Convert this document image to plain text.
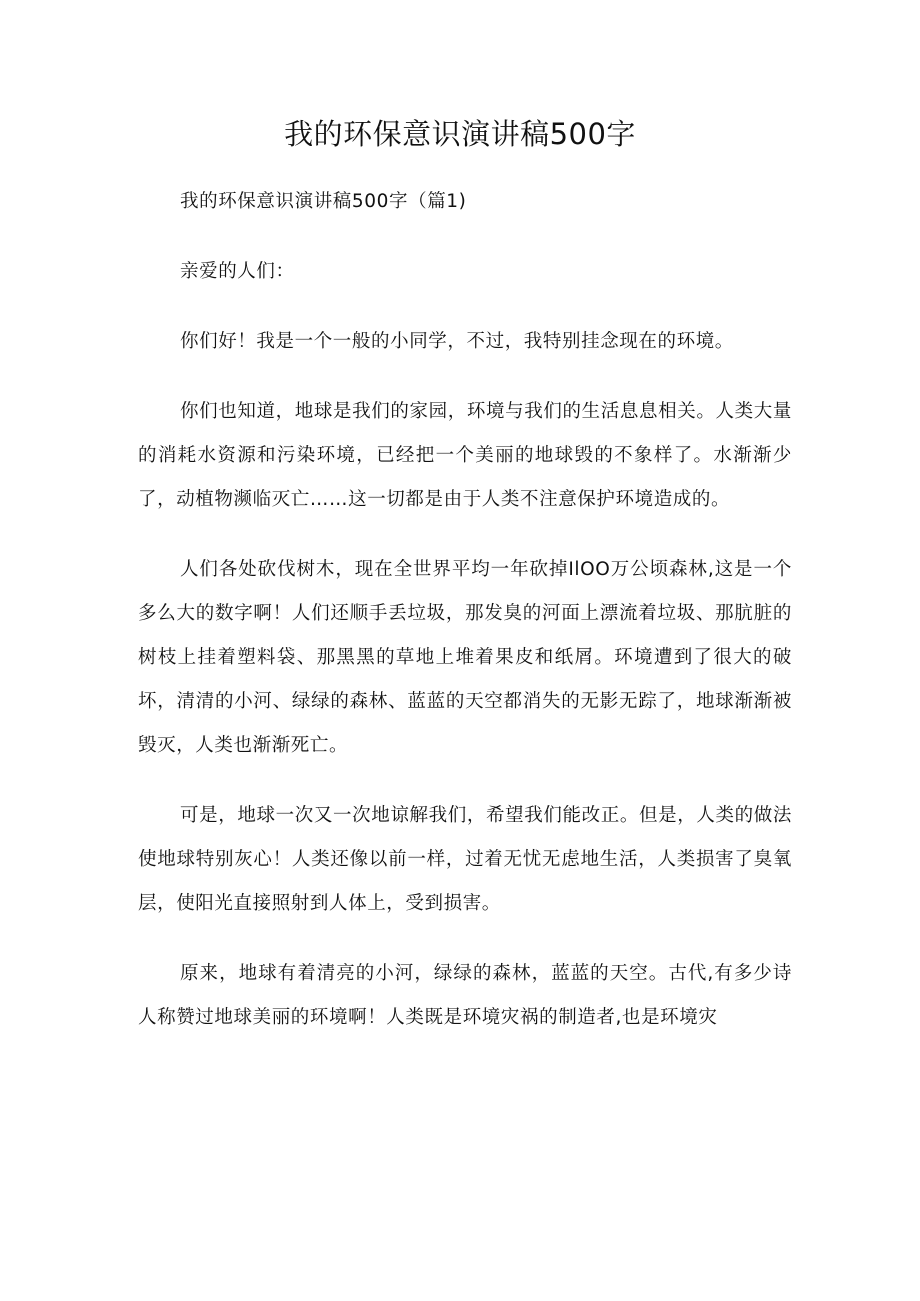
我的环保意识演讲稿500字

我的环保意识演讲稿500字（篇1)

亲爱的人们：

你们好！我是一个一般的小同学，不过，我特别挂念现在的环境。

你们也知道，地球是我们的家园，环境与我们的生活息息相关。人类大量的消耗水资源和污染环境，已经把一个美丽的地球毁的不象样了。水渐渐少了，动植物濒临灭亡……这一切都是由于人类不注意保护环境造成的。

人们各处砍伐树木，现在全世界平均一年砍掉IlOO万公顷森林,这是一个多么大的数字啊！人们还顺手丢垃圾，那发臭的河面上漂流着垃圾、那肮脏的树枝上挂着塑料袋、那黑黑的草地上堆着果皮和纸屑。环境遭到了很大的破坏，清清的小河、绿绿的森林、蓝蓝的天空都消失的无影无踪了，地球渐渐被毁灭，人类也渐渐死亡。

可是，地球一次又一次地谅解我们，希望我们能改正。但是，人类的做法使地球特别灰心！人类还像以前一样，过着无忧无虑地生活，人类损害了臭氧层，使阳光直接照射到人体上，受到损害。

原来，地球有着清亮的小河，绿绿的森林，蓝蓝的天空。古代,有多少诗人称赞过地球美丽的环境啊！人类既是环境灾祸的制造者,也是环境灾
